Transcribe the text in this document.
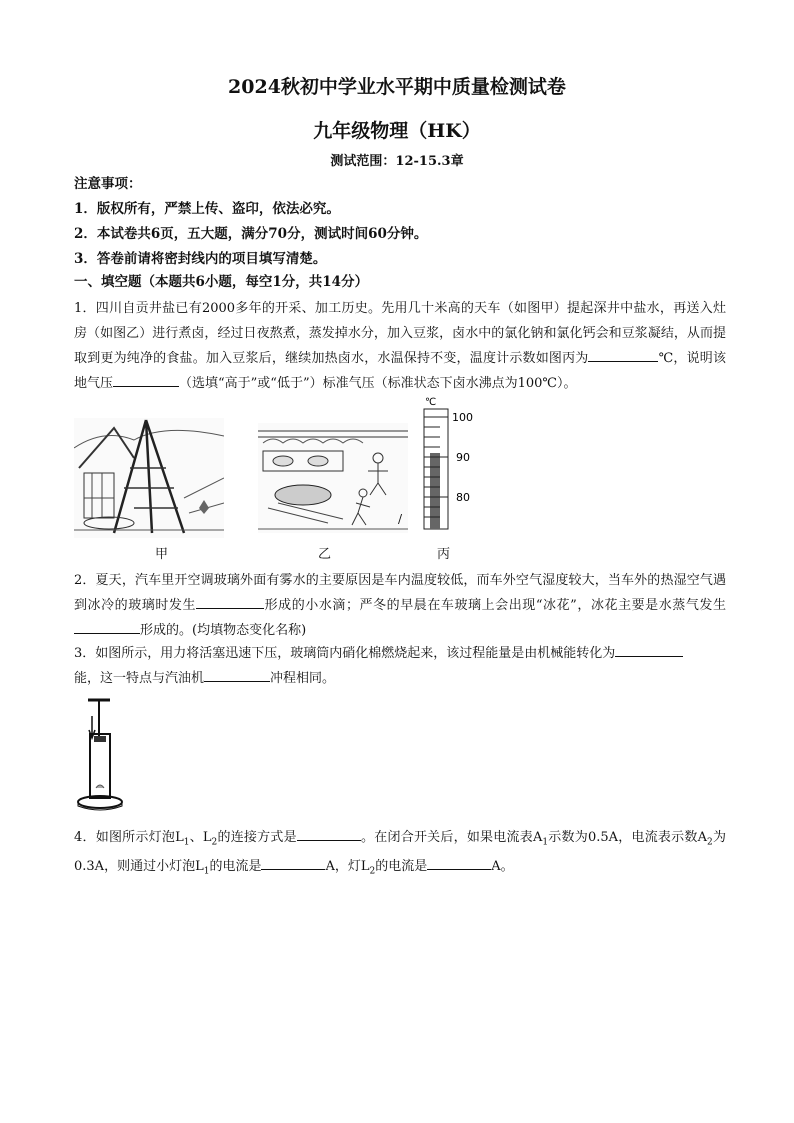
2024秋初中学业水平期中质量检测试卷
九年级物理（HK）
测试范围：12-15.3章
注意事项：
1．版权所有，严禁上传、盗印，依法必究。
2．本试卷共6页，五大题，满分70分，测试时间60分钟。
3．答卷前请将密封线内的项目填写清楚。
一、填空题（本题共6小题，每空1分，共14分）
1．四川自贡井盐已有2000多年的开采、加工历史。先用几十米高的天车（如图甲）提起深井中盐水，再送入灶房（如图乙）进行煮卤，经过日夜熬煮，蒸发掉水分，加入豆浆，卤水中的氯化钠和氯化钙会和豆浆凝结，从而提取到更为纯净的食盐。加入豆浆后，继续加热卤水，水温保持不变，温度计示数如图丙为	℃，说明该地气压	（选填“高于”或“低于”）标准气压（标准状态下卤水沸点为100℃）。
℃
100
90
80
/
甲	乙	丙
2．夏天，汽车里开空调玻璃外面有雾水的主要原因是车内温度较低，而车外空气湿度较大，当车外的热湿空气遇到冰冷的玻璃时发生	形成的小水滴；严冬的早晨在车玻璃上会出现“冰花”，冰花主要是水蒸气发生形成的。(均填物态变化名称)
3．如图所示，用力将活塞迅速下压，玻璃筒内硝化棉燃烧起来，该过程能量是由机械能转化为
能，这一特点与汽油机	冲程相同。
4．如图所示灯泡$L_1$、$L_2$的连接方式是	。在闭合开关后，如果电流表$A_1$示数为0.5A，电流表示数$A_2$为0.3A，则通过小灯泡$L_1$的电流是	A，灯$L_2$的电流是	A。
